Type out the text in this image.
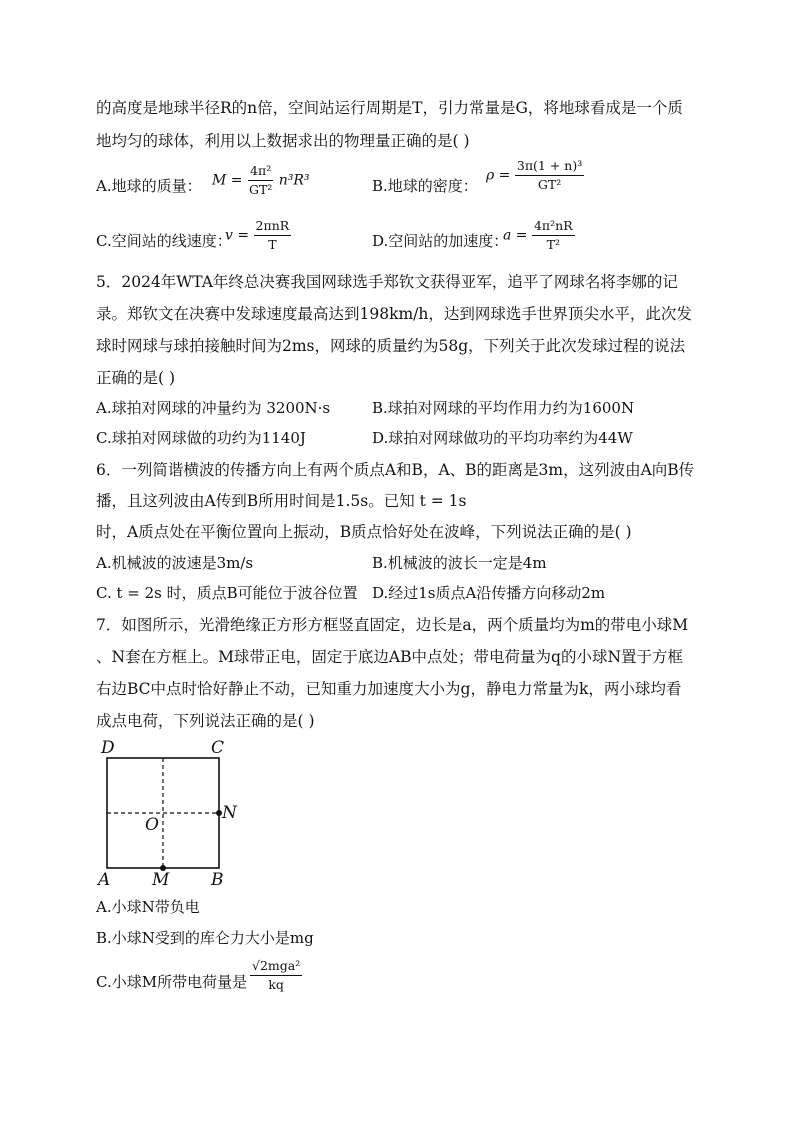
的高度是地球半径R的n倍，空间站运行周期是T，引力常量是G，将地球看成是一个质
地均匀的球体，利用以上数据求出的物理量正确的是( )
A.地球的质量： $M = \frac{\text{4π²}}{\text{GT²}} n^3R^3$	B.地球的密度：
$\rho = \frac{\text{3π(1 + n)³}}{\text{GT²}}$
C.空间站的线速度：
$v = \frac{\text{2πnR}}{T}$	D.空间站的加速度：
$a = \frac{\text{4π²nR}}{\text{T²}}$
5．2024年WTA年终总决赛我国网球选手郑钦文获得亚军，追平了网球名将李娜的记
录。郑钦文在决赛中发球速度最高达到198km/h，达到网球选手世界顶尖水平，此次发
球时网球与球拍接触时间为2ms，网球的质量约为58g，下列关于此次发球过程的说法
正确的是( )
A.球拍对网球的冲量约为 3200N·s	B.球拍对网球的平均作用力约为1600N
C.球拍对网球做的功约为1140J	D.球拍对网球做功的平均功率约为44W
6．一列简谐横波的传播方向上有两个质点A和B，A、B的距离是3m，这列波由A向B传
播，且这列波由A传到B所用时间是1.5s。已知 t = 1s
时，A质点处在平衡位置向上振动，B质点恰好处在波峰，下列说法正确的是( )
A.机械波的波速是3m/s	B.机械波的波长一定是4m
C. t = 2s 时，质点B可能位于波谷位置 D.经过1s质点A沿传播方向移动2m
7．如图所示，光滑绝缘正方形方框竖直固定，边长是a，两个质量均为m的带电小球M
、N套在方框上。M球带正电，固定于底边AB中点处；带电荷量为q的小球N置于方框
右边BC中点时恰好静止不动，已知重力加速度大小为g，静电力常量为k，两小球均看
成点电荷，下列说法正确的是( )
D	C
A	B
M
N
O
A.小球N带负电
B.小球N受到的库仑力大小是mg
C.小球M所带电荷量是 $\frac{\text{√2mga²}}{kq}$
